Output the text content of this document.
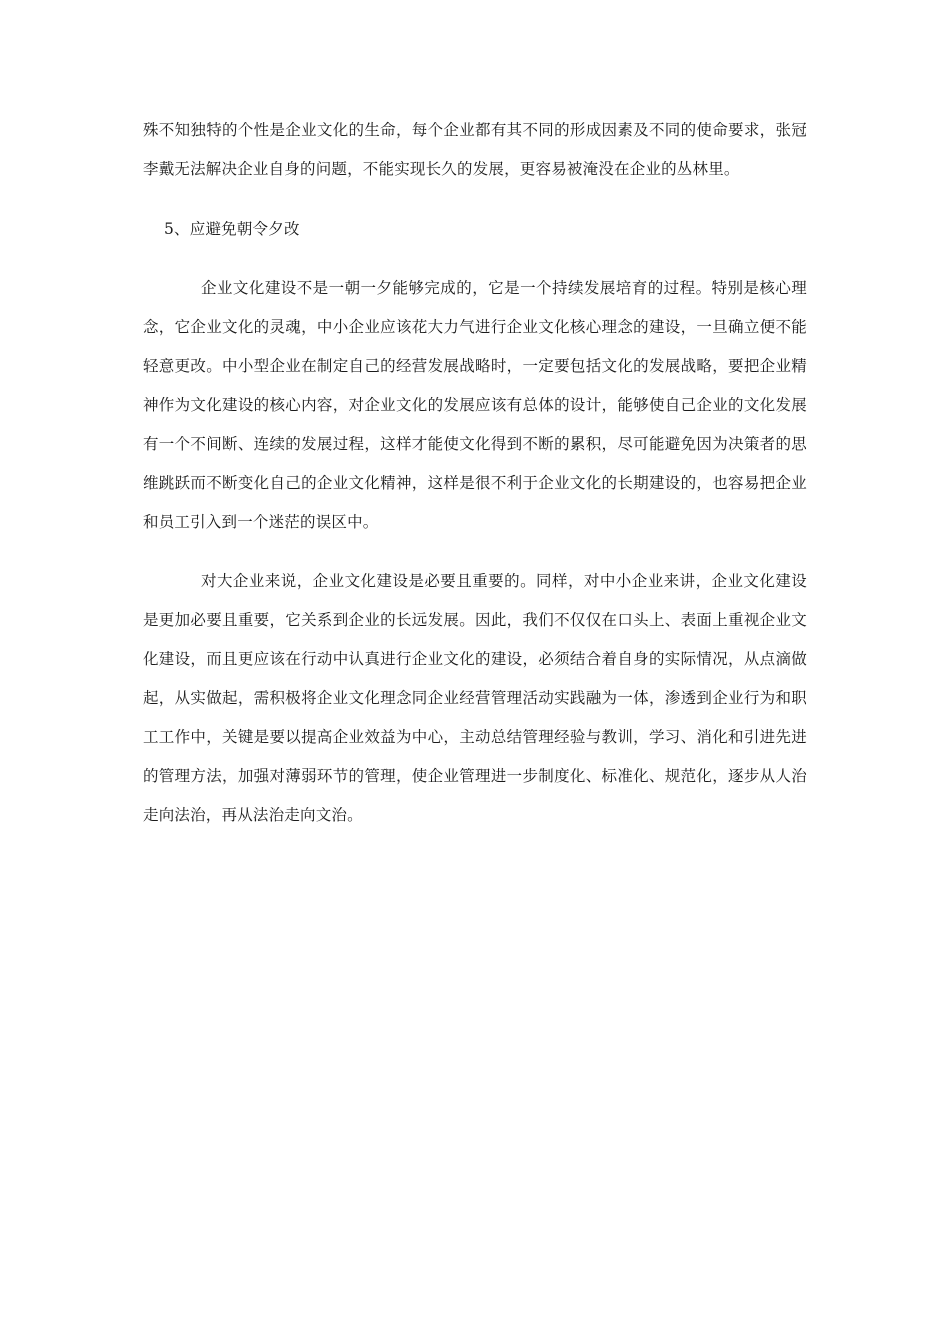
殊不知独特的个性是企业文化的生命，每个企业都有其不同的形成因素及不同的使命要求，张冠李戴无法解决企业自身的问题，不能实现长久的发展，更容易被淹没在企业的丛林里。

5、应避免朝令夕改

企业文化建设不是一朝一夕能够完成的，它是一个持续发展培育的过程。特别是核心理念，它企业文化的灵魂，中小企业应该花大力气进行企业文化核心理念的建设，一旦确立便不能轻意更改。中小型企业在制定自己的经营发展战略时，一定要包括文化的发展战略，要把企业精神作为文化建设的核心内容，对企业文化的发展应该有总体的设计，能够使自己企业的文化发展有一个不间断、连续的发展过程，这样才能使文化得到不断的累积，尽可能避免因为决策者的思维跳跃而不断变化自己的企业文化精神，这样是很不利于企业文化的长期建设的，也容易把企业和员工引入到一个迷茫的误区中。

对大企业来说，企业文化建设是必要且重要的。同样，对中小企业来讲，企业文化建设是更加必要且重要，它关系到企业的长远发展。因此，我们不仅仅在口头上、表面上重视企业文化建设，而且更应该在行动中认真进行企业文化的建设，必须结合着自身的实际情况，从点滴做起，从实做起，需积极将企业文化理念同企业经营管理活动实践融为一体，渗透到企业行为和职工工作中，关键是要以提高企业效益为中心，主动总结管理经验与教训，学习、消化和引进先进的管理方法，加强对薄弱环节的管理，使企业管理进一步制度化、标准化、规范化，逐步从人治走向法治，再从法治走向文治。
